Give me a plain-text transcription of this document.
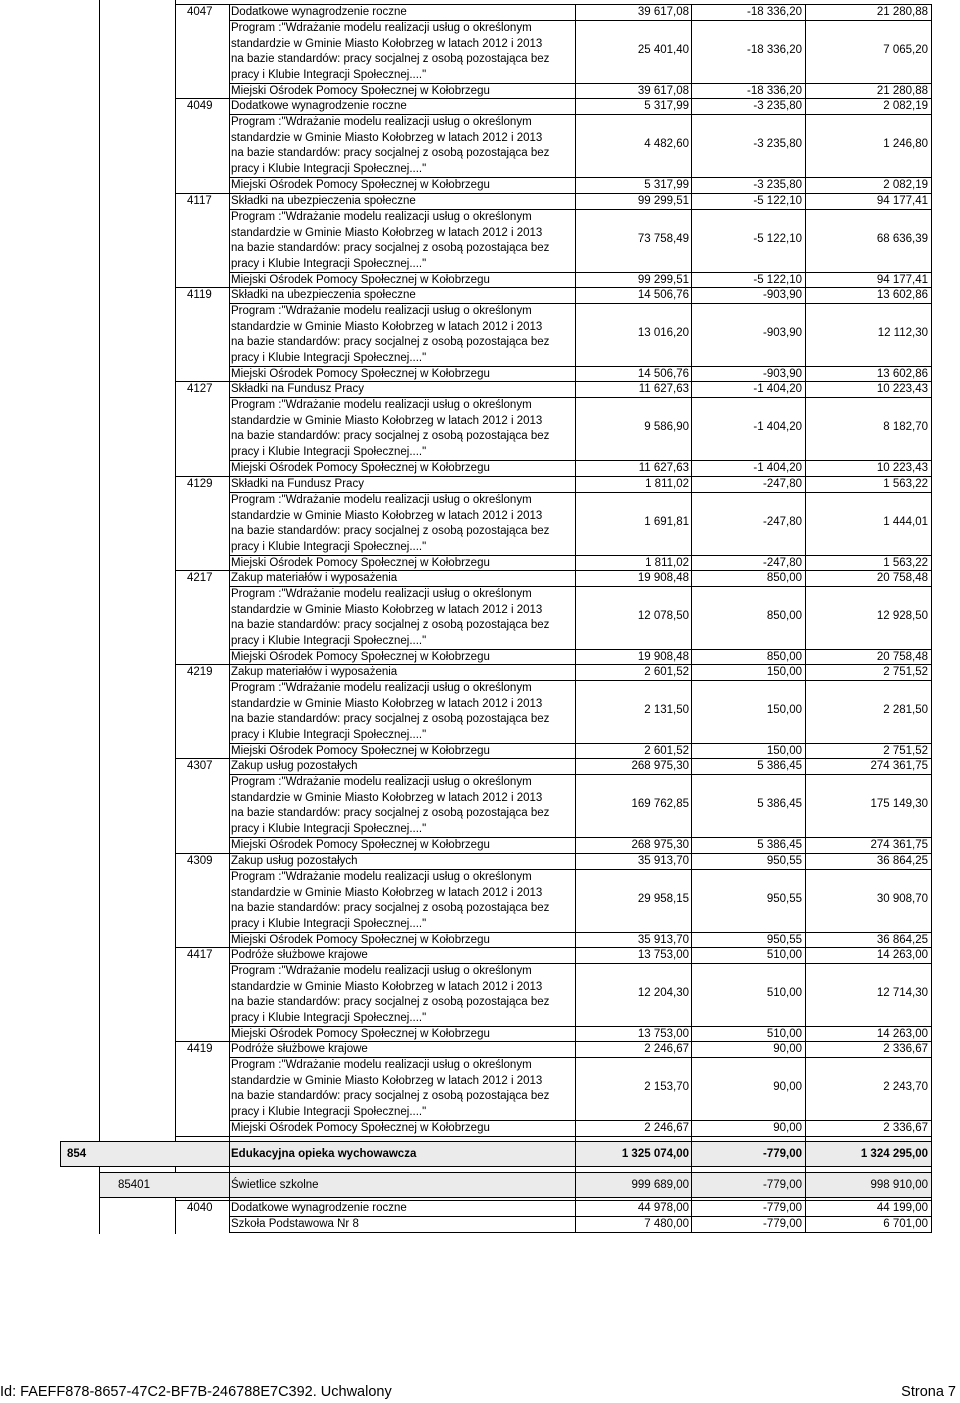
4047 Dodatkowe wynagrodzenie roczne	39 617,08	-18 336,20	21 280,88
Program :"Wdrażanie modelu realizacji usług o określonym
standardzie w Gminie Miasto Kołobrzeg w latach 2012 i 2013
na bazie standardów: pracy socjalnej z osobą pozostająca bez
pracy i Klubie Integracji Społecznej...."
25 401,40	-18 336,20	7 065,20
Miejski Ośrodek Pomocy Społecznej w Kołobrzegu	39 617,08	-18 336,20	21 280,88
4049 Dodatkowe wynagrodzenie roczne	5 317,99	-3 235,80	2 082,19
Program :"Wdrażanie modelu realizacji usług o określonym
standardzie w Gminie Miasto Kołobrzeg w latach 2012 i 2013
na bazie standardów: pracy socjalnej z osobą pozostająca bez
pracy i Klubie Integracji Społecznej...."
4 482,60	-3 235,80	1 246,80
Miejski Ośrodek Pomocy Społecznej w Kołobrzegu	5 317,99	-3 235,80	2 082,19
4117 Składki na ubezpieczenia społeczne	99 299,51	-5 122,10	94 177,41
Program :"Wdrażanie modelu realizacji usług o określonym
standardzie w Gminie Miasto Kołobrzeg w latach 2012 i 2013
na bazie standardów: pracy socjalnej z osobą pozostająca bez
pracy i Klubie Integracji Społecznej...."
73 758,49	-5 122,10	68 636,39
Miejski Ośrodek Pomocy Społecznej w Kołobrzegu	99 299,51	-5 122,10	94 177,41
4119 Składki na ubezpieczenia społeczne	14 506,76	-903,90	13 602,86
Program :"Wdrażanie modelu realizacji usług o określonym
standardzie w Gminie Miasto Kołobrzeg w latach 2012 i 2013
na bazie standardów: pracy socjalnej z osobą pozostająca bez
pracy i Klubie Integracji Społecznej...."
13 016,20	-903,90	12 112,30
Miejski Ośrodek Pomocy Społecznej w Kołobrzegu	14 506,76	-903,90	13 602,86
4127 Składki na Fundusz Pracy	11 627,63	-1 404,20	10 223,43
Program :"Wdrażanie modelu realizacji usług o określonym
standardzie w Gminie Miasto Kołobrzeg w latach 2012 i 2013
na bazie standardów: pracy socjalnej z osobą pozostająca bez
pracy i Klubie Integracji Społecznej...."
9 586,90	-1 404,20	8 182,70
Miejski Ośrodek Pomocy Społecznej w Kołobrzegu	11 627,63	-1 404,20	10 223,43
4129 Składki na Fundusz Pracy	1 811,02	-247,80	1 563,22
Program :"Wdrażanie modelu realizacji usług o określonym
standardzie w Gminie Miasto Kołobrzeg w latach 2012 i 2013
na bazie standardów: pracy socjalnej z osobą pozostająca bez
pracy i Klubie Integracji Społecznej...."
1 691,81	-247,80	1 444,01
Miejski Ośrodek Pomocy Społecznej w Kołobrzegu	1 811,02	-247,80	1 563,22
4217 Zakup materiałów i wyposażenia	19 908,48	850,00	20 758,48
Program :"Wdrażanie modelu realizacji usług o określonym
standardzie w Gminie Miasto Kołobrzeg w latach 2012 i 2013
na bazie standardów: pracy socjalnej z osobą pozostająca bez
pracy i Klubie Integracji Społecznej...."
12 078,50	850,00	12 928,50
Miejski Ośrodek Pomocy Społecznej w Kołobrzegu	19 908,48	850,00	20 758,48
4219 Zakup materiałów i wyposażenia	2 601,52	150,00	2 751,52
Program :"Wdrażanie modelu realizacji usług o określonym
standardzie w Gminie Miasto Kołobrzeg w latach 2012 i 2013
na bazie standardów: pracy socjalnej z osobą pozostająca bez
pracy i Klubie Integracji Społecznej...."
2 131,50	150,00	2 281,50
Miejski Ośrodek Pomocy Społecznej w Kołobrzegu	2 601,52	150,00	2 751,52
4307 Zakup usług pozostałych	268 975,30	5 386,45	274 361,75
Program :"Wdrażanie modelu realizacji usług o określonym
standardzie w Gminie Miasto Kołobrzeg w latach 2012 i 2013
na bazie standardów: pracy socjalnej z osobą pozostająca bez
pracy i Klubie Integracji Społecznej...."
169 762,85	5 386,45	175 149,30
Miejski Ośrodek Pomocy Społecznej w Kołobrzegu	268 975,30	5 386,45	274 361,75
4309 Zakup usług pozostałych	35 913,70	950,55	36 864,25
Program :"Wdrażanie modelu realizacji usług o określonym
standardzie w Gminie Miasto Kołobrzeg w latach 2012 i 2013
na bazie standardów: pracy socjalnej z osobą pozostająca bez
pracy i Klubie Integracji Społecznej...."
29 958,15	950,55	30 908,70
Miejski Ośrodek Pomocy Społecznej w Kołobrzegu	35 913,70	950,55	36 864,25
4417 Podróże służbowe krajowe	13 753,00	510,00	14 263,00
Program :"Wdrażanie modelu realizacji usług o określonym
standardzie w Gminie Miasto Kołobrzeg w latach 2012 i 2013
na bazie standardów: pracy socjalnej z osobą pozostająca bez
pracy i Klubie Integracji Społecznej...."
12 204,30	510,00	12 714,30
Miejski Ośrodek Pomocy Społecznej w Kołobrzegu	13 753,00	510,00	14 263,00
4419 Podróże służbowe krajowe	2 246,67	90,00	2 336,67
Program :"Wdrażanie modelu realizacji usług o określonym
standardzie w Gminie Miasto Kołobrzeg w latach 2012 i 2013
na bazie standardów: pracy socjalnej z osobą pozostająca bez
pracy i Klubie Integracji Społecznej...."
2 153,70	90,00	2 243,70
Miejski Ośrodek Pomocy Społecznej w Kołobrzegu	2 246,67	90,00	2 336,67
854	Edukacyjna opieka wychowawcza	1 325 074,00	-779,00	1 324 295,00
85401	Świetlice szkolne	999 689,00	-779,00	998 910,00
4040 Dodatkowe wynagrodzenie roczne	44 978,00	-779,00	44 199,00
Szkoła Podstawowa Nr 8	7 480,00	-779,00	6 701,00
Id: FAEFF878-8657-47C2-BF7B-246788E7C392. Uchwalony	Strona 7
